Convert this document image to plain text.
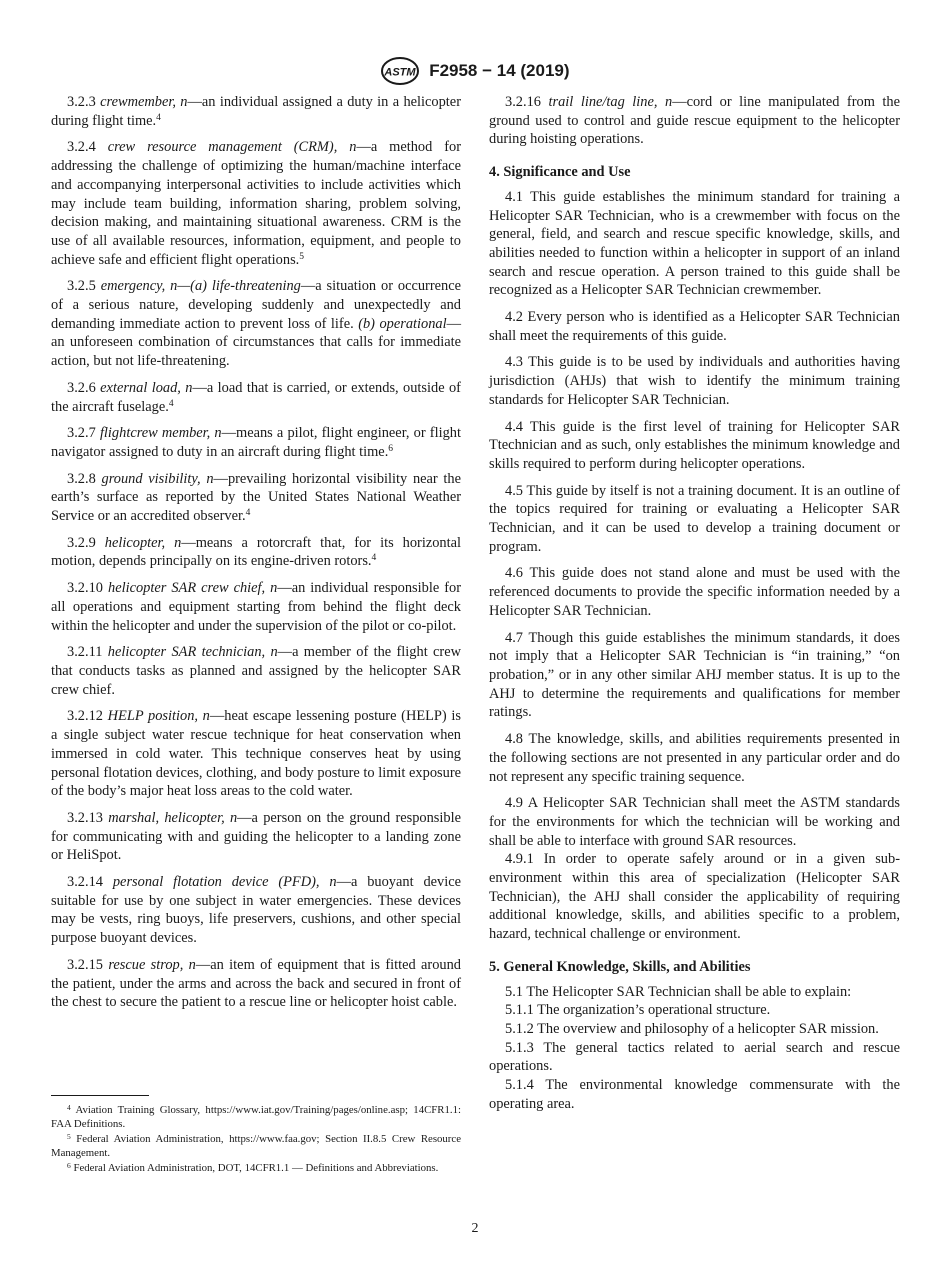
ASTM F2958 − 14 (2019)

3.2.3 crewmember, n—an individual assigned a duty in a helicopter during flight time.$^4$

3.2.4 crew resource management (CRM), n—a method for addressing the challenge of optimizing the human/machine interface and accompanying interpersonal activities to include activities which may include team building, information sharing, problem solving, decision making, and maintaining situational awareness. CRM is the use of all available resources, information, equipment, and people to achieve safe and efficient flight operations.$^5$

3.2.5 emergency, n—(a) life-threatening—a situation or occurrence of a serious nature, developing suddenly and unexpectedly and demanding immediate action to prevent loss of life. (b) operational—an unforeseen combination of circumstances that calls for immediate action, but not life-threatening.

3.2.6 external load, n—a load that is carried, or extends, outside of the aircraft fuselage.$^4$

3.2.7 flightcrew member, n—means a pilot, flight engineer, or flight navigator assigned to duty in an aircraft during flight time.$^6$

3.2.8 ground visibility, n—prevailing horizontal visibility near the earth’s surface as reported by the United States National Weather Service or an accredited observer.$^4$

3.2.9 helicopter, n—means a rotorcraft that, for its horizontal motion, depends principally on its engine-driven rotors.$^4$

3.2.10 helicopter SAR crew chief, n—an individual responsible for all operations and equipment starting from behind the flight deck within the helicopter and under the supervision of the pilot or co-pilot.

3.2.11 helicopter SAR technician, n—a member of the flight crew that conducts tasks as planned and assigned by the helicopter SAR crew chief.

3.2.12 HELP position, n—heat escape lessening posture (HELP) is a single subject water rescue technique for heat conservation when immersed in cold water. This technique conserves heat by using personal flotation devices, clothing, and body posture to limit exposure of the body’s major heat loss areas to the cold water.

3.2.13 marshal, helicopter, n—a person on the ground responsible for communicating with and guiding the helicopter to a landing zone or HeliSpot.

3.2.14 personal flotation device (PFD), n—a buoyant device suitable for use by one subject in water emergencies. These devices may be vests, ring buoys, life preservers, cushions, and other special purpose buoyant devices.

3.2.15 rescue strop, n—an item of equipment that is fitted around the patient, under the arms and across the back and secured in front of the chest to secure the patient to a rescue line or helicopter hoist cable.

3.2.16 trail line/tag line, n—cord or line manipulated from the ground used to control and guide rescue equipment to the helicopter during hoisting operations.

4. Significance and Use

4.1 This guide establishes the minimum standard for training a Helicopter SAR Technician, who is a crewmember with focus on the general, field, and search and rescue specific knowledge, skills, and abilities needed to function within a helicopter in support of an inland search and rescue operation. A person trained to this guide shall be recognized as a Helicopter SAR Technician crewmember.

4.2 Every person who is identified as a Helicopter SAR Technician shall meet the requirements of this guide.

4.3 This guide is to be used by individuals and authorities having jurisdiction (AHJs) that wish to identify the minimum training standards for Helicopter SAR Technician.

4.4 This guide is the first level of training for Helicopter SAR Ttechnician and as such, only establishes the minimum knowledge and skills required to perform during helicopter operations.

4.5 This guide by itself is not a training document. It is an outline of the topics required for training or evaluating a Helicopter SAR Technician, and it can be used to develop a training document or program.

4.6 This guide does not stand alone and must be used with the referenced documents to provide the specific information needed by a Helicopter SAR Technician.

4.7 Though this guide establishes the minimum standards, it does not imply that a Helicopter SAR Technician is “in training,” “on probation,” or in any other similar AHJ member status. It is up to the AHJ to determine the requirements and qualifications for member ratings.

4.8 The knowledge, skills, and abilities requirements presented in the following sections are not presented in any particular order and do not represent any specific training sequence.

4.9 A Helicopter SAR Technician shall meet the ASTM standards for the environments for which the technician will be working and shall be able to interface with ground SAR resources.

4.9.1 In order to operate safely around or in a given sub-environment within this area of specialization (Helicopter SAR Technician), the AHJ shall consider the applicability of requiring additional knowledge, skills, and abilities specific to a problem, hazard, technical challenge or environment.

5. General Knowledge, Skills, and Abilities

5.1 The Helicopter SAR Technician shall be able to explain:

5.1.1 The organization’s operational structure.

5.1.2 The overview and philosophy of a helicopter SAR mission.

5.1.3 The general tactics related to aerial search and rescue operations.

5.1.4 The environmental knowledge commensurate with the operating area.

$^4$ Aviation Training Glossary, https://www.iat.gov/Training/pages/online.asp; 14CFR1.1: FAA Definitions.

$^5$ Federal Aviation Administration, https://www.faa.gov; Section II.8.5 Crew Resource Management.

$^6$ Federal Aviation Administration, DOT, 14CFR1.1 — Definitions and Abbreviations.

2
